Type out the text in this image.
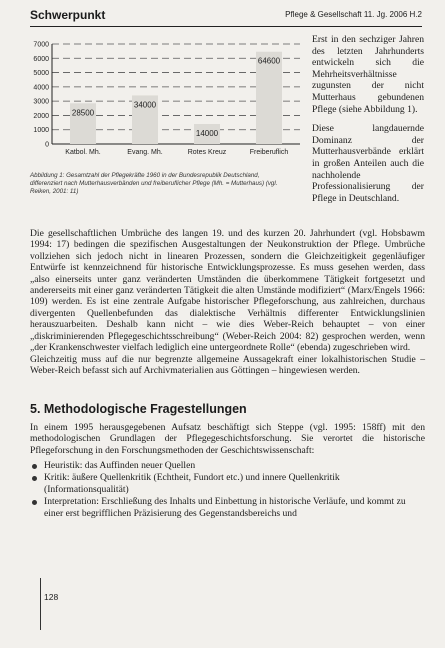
Schwerpunkt	Pflege & Gesellschaft 11. Jg. 2006 H.2
0
1000
2000
3000
4000
5000
6000
7000
28500
Katbol. Mh.
34000
Evang. Mh.
14000
Rotes Kreuz
64600
Freiberuflich
Abbildung 1: Gesamtzahl der Pflegekräfte 1960 in der Bundesrepublik Deutschland, differenziert nach Mutterhausverbänden und freiberuflicher Pflege (Mh. = Mutterhaus) (vgl. Reiken, 2001: 11)

Erst in den sechziger Jahren des letzten Jahrhunderts entwickeln sich die Mehrheitsverhältnisse zugunsten der nicht Mutterhaus gebundenen Pflege (siehe Abbildung 1).

Diese langdauernde Dominanz der Mutterhausverbände erklärt in großen Anteilen auch die nachholende Professionalisierung der Pflege in Deutschland.

Die gesellschaftlichen Umbrüche des langen 19. und des kurzen 20. Jahrhundert (vgl. Hobsbawm 1994: 17) bedingen die spezifischen Ausgestaltungen der Neukonstruktion der Pflege. Umbrüche vollziehen sich jedoch nicht in linearen Prozessen, sondern die Gleichzeitigkeit gegenläufiger Entwürfe ist kennzeichnend für historische Entwicklungsprozesse. Es muss gesehen werden, dass „also einerseits unter ganz veränderten Umständen die überkommene Tätigkeit fortgesetzt und andererseits mit einer ganz veränderten Tätigkeit die alten Umstände modifiziert“ (Marx/Engels 1966: 109) werden. Es ist eine zentrale Aufgabe historischer Pflegeforschung, aus zahlreichen, durchaus divergenten Quellenbefunden das dialektische Verhältnis differenter Entwicklungslinien herauszuarbeiten. Deshalb kann nicht – wie dies Weber-Reich behauptet – von einer „diskriminierenden Pflegegeschichtsschreibung“ (Weber-Reich 2004: 82) gesprochen werden, wenn „der Krankenschwester vielfach lediglich eine untergeordnete Rolle“ (ebenda) zugeschrieben wird.

Gleichzeitig muss auf die nur begrenzte allgemeine Aussagekraft einer lokalhistorischen Studie – Weber-Reich befasst sich auf Archivmaterialien aus Göttingen – hingewiesen werden.

5. Methodologische Fragestellungen

In einem 1995 herausgegebenen Aufsatz beschäftigt sich Steppe (vgl. 1995: 158ff) mit den methodologischen Grundlagen der Pflegegeschichtsforschung. Sie verortet die historische Pflegeforschung in den Forschungsmethoden der Geschichtswissenschaft:

Heuristik: das Auffinden neuer Quellen
Kritik: äußere Quellenkritik (Echtheit, Fundort etc.) und innere Quellenkritik (Informationsqualität)
Interpretation: Erschließung des Inhalts und Einbettung in historische Verläufe, und kommt zu einer erst begrifflichen Präzisierung des Gegenstandsbereichs und
128
